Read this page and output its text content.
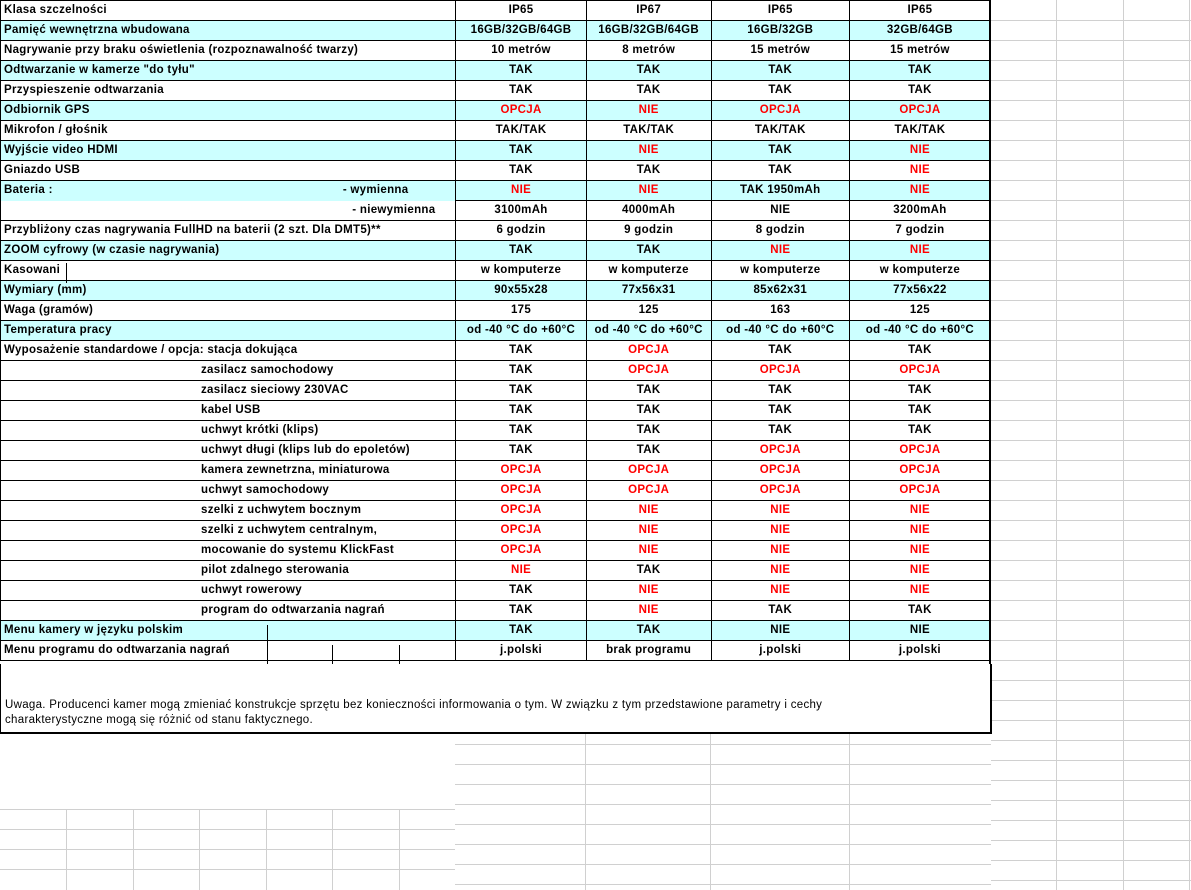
Klasa szczelności	IP65	IP67	IP65	IP65
Pamięć wewnętrzna wbudowana	16GB/32GB/64GB	16GB/32GB/64GB	16GB/32GB	32GB/64GB
Nagrywanie przy braku oświetlenia (rozpoznawalność twarzy)	10 metrów	8 metrów	15 metrów	15 metrów
Odtwarzanie w kamerze "do tyłu"	TAK	TAK	TAK	TAK
Przyspieszenie odtwarzania	TAK	TAK	TAK	TAK
Odbiornik GPS	OPCJA	NIE	OPCJA	OPCJA
Mikrofon / głośnik	TAK/TAK	TAK/TAK	TAK/TAK	TAK/TAK
Wyjście video HDMI	TAK	NIE	TAK	NIE
Gniazdo USB	TAK	TAK	TAK	NIE
Bateria : - wymienna	NIE	NIE	TAK 1950mAh	NIE
- niewymienna	3100mAh	4000mAh	NIE	3200mAh
Przybliżony czas nagrywania FullHD na baterii (2 szt. Dla DMT5)**	6 godzin	9 godzin	8 godzin	7 godzin
ZOOM cyfrowy (w czasie nagrywania)	TAK	TAK	NIE	NIE
Kasowani	w komputerze	w komputerze	w komputerze	w komputerze
Wymiary (mm)	90x55x28	77x56x31	85x62x31	77x56x22
Waga (gramów)	175	125	163	125
Temperatura pracy	od -40 °C do +60°C	od -40 °C do +60°C	od -40 °C do +60°C	od -40 °C do +60°C
Wyposażenie standardowe / opcja: stacja dokująca	TAK	OPCJA	TAK	TAK
zasilacz samochodowy	TAK	OPCJA	OPCJA	OPCJA
zasilacz sieciowy 230VAC	TAK	TAK	TAK	TAK
kabel USB	TAK	TAK	TAK	TAK
uchwyt krótki (klips)	TAK	TAK	TAK	TAK
uchwyt długi (klips lub do epoletów)	TAK	TAK	OPCJA	OPCJA
kamera zewnetrzna, miniaturowa	OPCJA	OPCJA	OPCJA	OPCJA
uchwyt samochodowy	OPCJA	OPCJA	OPCJA	OPCJA
szelki z uchwytem bocznym	OPCJA	NIE	NIE	NIE
szelki z uchwytem centralnym,	OPCJA	NIE	NIE	NIE
mocowanie do systemu KlickFast	OPCJA	NIE	NIE	NIE
pilot zdalnego sterowania	NIE	TAK	NIE	NIE
uchwyt rowerowy	TAK	NIE	NIE	NIE
program do odtwarzania nagrań	TAK	NIE	TAK	TAK
Menu kamery w języku polskim	TAK	TAK	NIE	NIE
Menu programu do odtwarzania nagrań	j.polski	brak programu	j.polski	j.polski

Uwaga. Producenci kamer mogą zmieniać konstrukcje sprzętu bez konieczności informowania o tym. W związku z tym przedstawione parametry i cechy charakterystyczne mogą się różnić od stanu faktycznego.
